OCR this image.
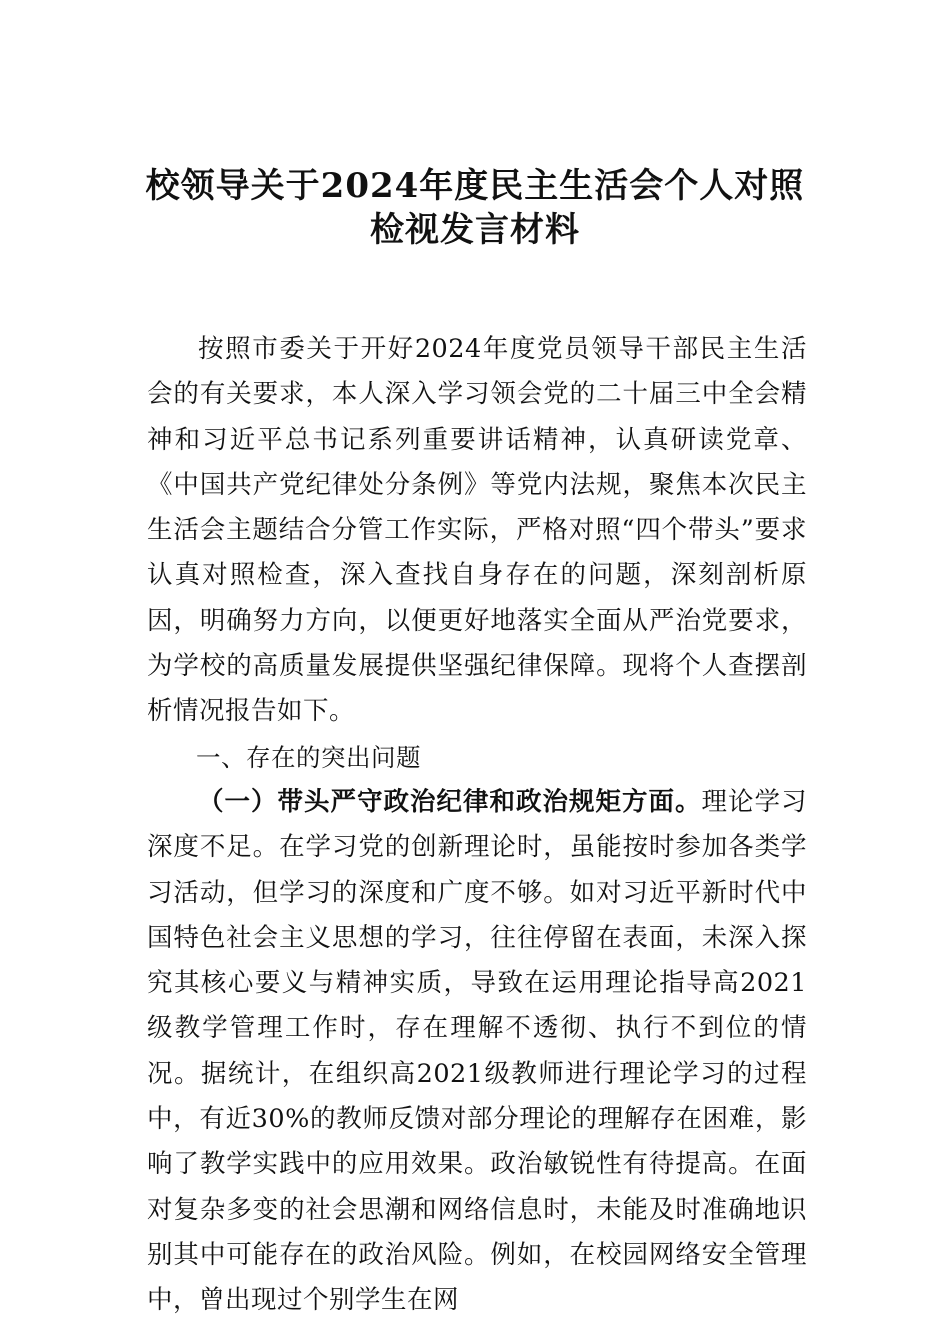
校领导关于2024年度民主生活会个人对照
检视发言材料

按照市委关于开好2024年度党员领导干部民主生活会的有关要求，本人深入学习领会党的二十届三中全会精神和习近平总书记系列重要讲话精神，认真研读党章、《中国共产党纪律处分条例》等党内法规，聚焦本次民主生活会主题结合分管工作实际，严格对照“四个带头”要求认真对照检查，深入查找自身存在的问题，深刻剖析原因，明确努力方向，以便更好地落实全面从严治党要求，为学校的高质量发展提供坚强纪律保障。现将个人查摆剖析情况报告如下。

一、存在的突出问题

（一）带头严守政治纪律和政治规矩方面。理论学习深度不足。在学习党的创新理论时，虽能按时参加各类学习活动，但学习的深度和广度不够。如对习近平新时代中国特色社会主义思想的学习，往往停留在表面，未深入探究其核心要义与精神实质，导致在运用理论指导高2021级教学管理工作时，存在理解不透彻、执行不到位的情况。据统计，在组织高2021级教师进行理论学习的过程中，有近30%的教师反馈对部分理论的理解存在困难，影响了教学实践中的应用效果。政治敏锐性有待提高。在面对复杂多变的社会思潮和网络信息时，未能及时准确地识别其中可能存在的政治风险。例如，在校园网络安全管理中，曾出现过个别学生在网
